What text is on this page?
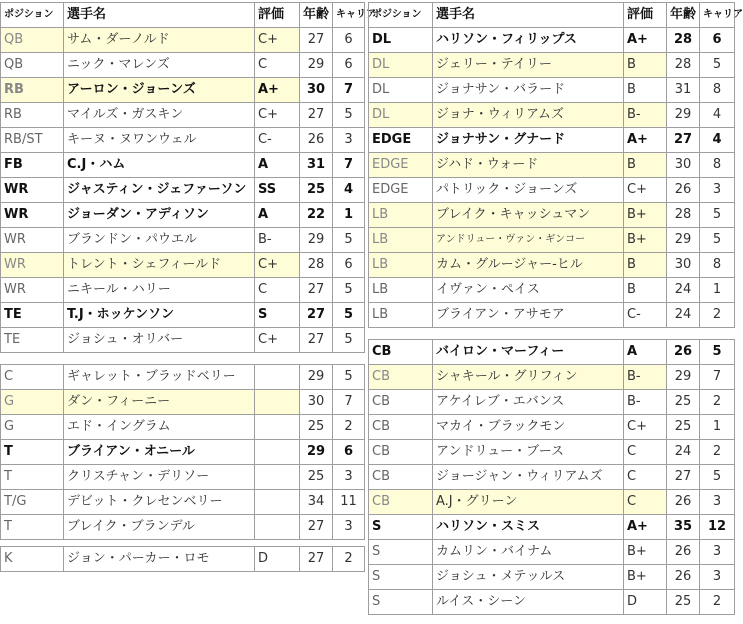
ポジション	選手名	評価	年齢	キャリア
QB	サム・ダーノルド	C+	27	6
QB	ニック・マレンズ	C	29	6
RB	アーロン・ジョーンズ	A+	30	7
RB	マイルズ・ガスキン	C+	27	5
RB/ST	キーヌ・ヌワンウェル	C-	26	3
FB	C.J・ハム	A	31	7
WR	ジャスティン・ジェファーソン	SS	25	4
WR	ジョーダン・アディソン	A	22	1
WR	ブランドン・パウエル	B-	29	5
WR	トレント・シェフィールド	C+	28	6
WR	ニキール・ハリー	C	27	5
TE	T.J・ホッケンソン	S	27	5
TE	ジョシュ・オリバー	C+	27	5
C	ギャレット・ブラッドベリー		29	5
G	ダン・フィーニー		30	7
G	エド・イングラム		25	2
T	ブライアン・オニール		29	6
T	クリスチャン・デリソー		25	3
T/G	デビット・クレセンベリー		34	11
T	ブレイク・ブランデル		27	3
K	ジョン・パーカー・ロモ	D	27	2
ポジション	選手名	評価	年齢	キャリア
DL	ハリソン・フィリップス	A+	28	6
DL	ジェリー・テイリー	B	28	5
DL	ジョナサン・バラード	B	31	8
DL	ジョナ・ウィリアムズ	B-	29	4
EDGE	ジョナサン・グナード	A+	27	4
EDGE	ジハド・ウォード	B	30	8
EDGE	パトリック・ジョーンズ	C+	26	3
LB	ブレイク・キャッシュマン	B+	28	5
LB	アンドリュー・ヴァン・ギンコー	B+	29	5
LB	カム・グルージャー-ヒル	B	30	8
LB	イヴァン・ペイス	B	24	1
LB	ブライアン・アサモア	C-	24	2
CB	バイロン・マーフィー	A	26	5
CB	シャキール・グリフィン	B-	29	7
CB	アケイレブ・エバンス	B-	25	2
CB	マカイ・ブラックモン	C+	25	1
CB	アンドリュー・ブース	C	24	2
CB	ジョージャン・ウィリアムズ	C	27	5
CB	A.J・グリーン	C	26	3
S	ハリソン・スミス	A+	35	12
S	カムリン・バイナム	B+	26	3
S	ジョシュ・メテッルス	B+	26	3
S	ルイス・シーン	D	25	2
